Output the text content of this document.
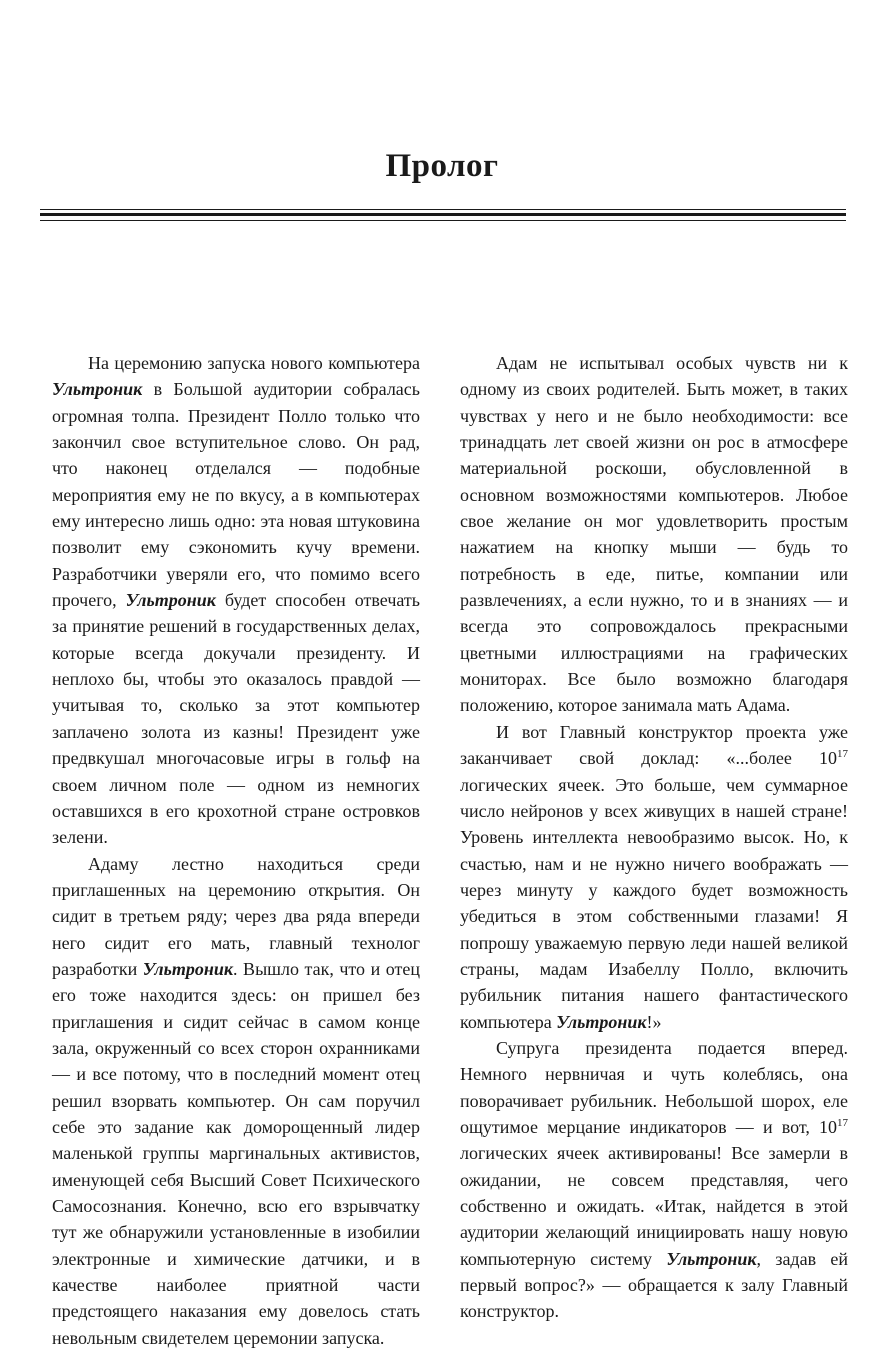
Пролог

На церемонию запуска нового компьютера Ультроник в Большой аудитории собралась огромная толпа. Президент Полло только что закончил свое вступительное слово. Он рад, что наконец отделался — подобные мероприятия ему не по вкусу, а в компьютерах ему интересно лишь одно: эта новая штуковина позволит ему сэкономить кучу времени. Разработчики уверяли его, что помимо всего прочего, Ультроник будет способен отвечать за принятие решений в государственных делах, которые всегда докучали президенту. И неплохо бы, чтобы это оказалось правдой — учитывая то, сколько за этот компьютер заплачено золота из казны! Президент уже предвкушал многочасовые игры в гольф на своем личном поле — одном из немногих оставшихся в его крохотной стране островков зелени.

Адаму лестно находиться среди приглашенных на церемонию открытия. Он сидит в третьем ряду; через два ряда впереди него сидит его мать, главный технолог разработки Ультроник. Вышло так, что и отец его тоже находится здесь: он пришел без приглашения и сидит сейчас в самом конце зала, окруженный со всех сторон охранниками — и все потому, что в последний момент отец решил взорвать компьютер. Он сам поручил себе это задание как доморощенный лидер маленькой группы маргинальных активистов, именующей себя Высший Совет Психического Самосознания. Конечно, всю его взрывчатку тут же обнаружили установленные в изобилии электронные и химические датчики, и в качестве наиболее приятной части предстоящего наказания ему довелось стать невольным свидетелем церемонии запуска.

Адам не испытывал особых чувств ни к одному из своих родителей. Быть может, в таких чувствах у него и не было необходимости: все тринадцать лет своей жизни он рос в атмосфере материальной роскоши, обусловленной в основном возможностями компьютеров. Любое свое желание он мог удовлетворить простым нажатием на кнопку мыши — будь то потребность в еде, питье, компании или развлечениях, а если нужно, то и в знаниях — и всегда это сопровождалось прекрасными цветными иллюстрациями на графических мониторах. Все было возможно благодаря положению, которое занимала мать Адама.

И вот Главный конструктор проекта уже заканчивает свой доклад: «...более $10^{17}$ логических ячеек. Это больше, чем суммарное число нейронов у всех живущих в нашей стране! Уровень интеллекта невообразимо высок. Но, к счастью, нам и не нужно ничего воображать — через минуту у каждого будет возможность убедиться в этом собственными глазами! Я попрошу уважаемую первую леди нашей великой страны, мадам Изабеллу Полло, включить рубильник питания нашего фантастического компьютера Ультроник!»

Супруга президента подается вперед. Немного нервничая и чуть колеблясь, она поворачивает рубильник. Небольшой шорох, еле ощутимое мерцание индикаторов — и вот, $10^{17}$ логических ячеек активированы! Все замерли в ожидании, не совсем представляя, чего собственно и ожидать. «Итак, найдется в этой аудитории желающий инициировать нашу новую компьютерную систему Ультроник, задав ей первый вопрос?» — обращается к залу Главный конструктор.
